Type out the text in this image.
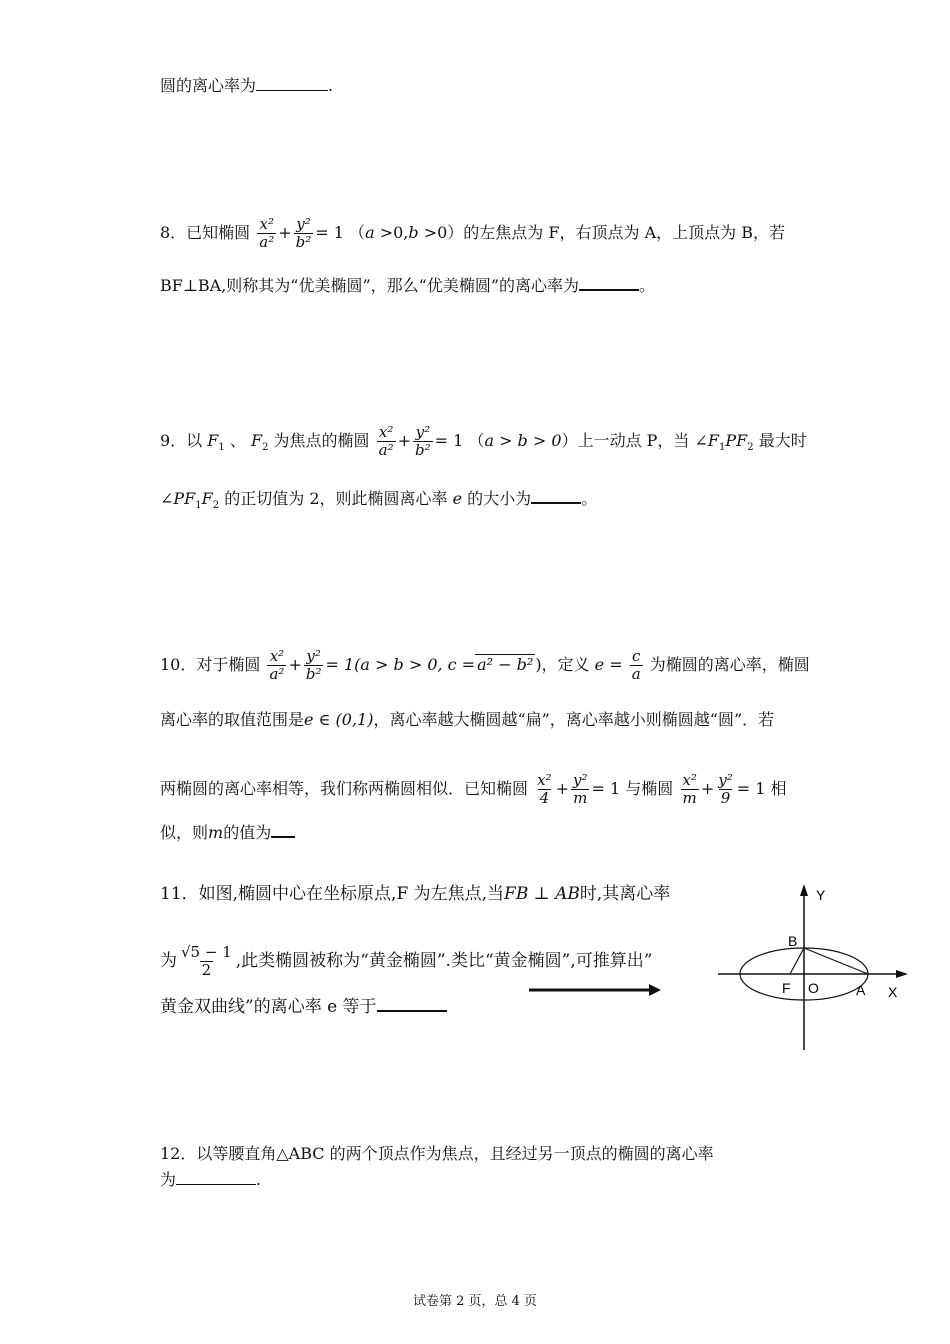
圆的离心率为	.
8．已知椭圆 $\frac{\text{x²}}{\text{a²}} + \frac{\text{y²}}{\text{b²}} = 1$ （a >0,b >0）的左焦点为 F，右顶点为 A，上顶点为 B，若
BF⊥BA,则称其为“优美椭圆”，那么“优美椭圆”的离心率为	。
9．以 $F_1$ 、 $F_2$ 为焦点的椭圆 $\frac{\text{x²}}{\text{a²}} + \frac{\text{y²}}{\text{b²}} = 1$ （a > b > 0）上一动点 P，当 $\angle F_1PF_2$ 最大时
$\angle PF_1F_2$ 的正切值为 2，则此椭圆离心率 e 的大小为	。
10．对于椭圆 $\frac{\text{x²}}{\text{a²}} + \frac{\text{y²}}{\text{b²}} = 1(a > b > 0$, c = a² − b² )，定义 $e = \frac{c}{a}$ 为椭圆的离心率，椭圆
离心率的取值范围是e ∈ (0,1)，离心率越大椭圆越“扁”，离心率越小则椭圆越“圆”．若
两椭圆的离心率相等，我们称两椭圆相似．已知椭圆 $\frac{\text{x²}}{4} + \frac{\text{y²}}{m} = 1$ 与椭圆 $\frac{\text{x²}}{m} + \frac{\text{y²}}{9} = 1$ 相
似，则m的值为
11．如图,椭圆中心在坐标原点,F 为左焦点,当FB ⊥ AB时,其离心率
为 $\frac{√5 - 1}{2}$ ,此类椭圆被称为“黄金椭圆”.类比“黄金椭圆”,可推算出”
黄金双曲线”的离心率 e 等于
Y
B
F O	A X
12．以等腰直角△ABC 的两个顶点作为焦点，且经过另一顶点的椭圆的离心率
为	.
试卷第 2 页，总 4 页
